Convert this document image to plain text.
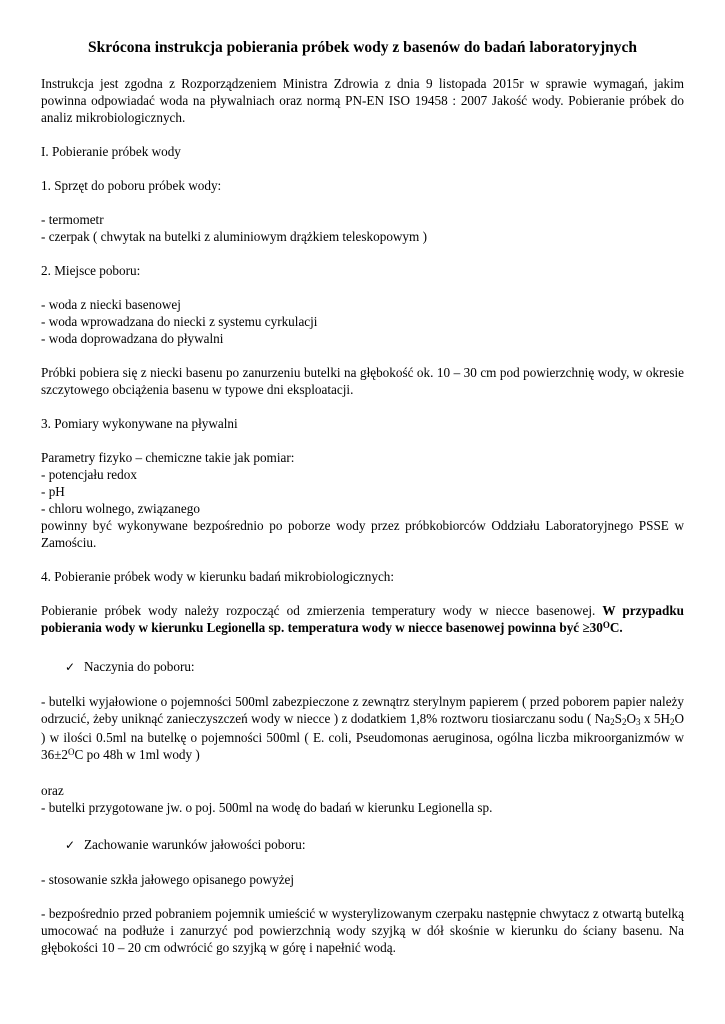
Skrócona instrukcja pobierania próbek wody z basenów do badań laboratoryjnych

Instrukcja jest zgodna z Rozporządzeniem Ministra Zdrowia z dnia 9 listopada 2015r w sprawie wymagań, jakim powinna odpowiadać woda na pływalniach oraz normą PN-EN ISO 19458 : 2007 Jakość wody. Pobieranie próbek do analiz mikrobiologicznych.

I. Pobieranie próbek wody

1. Sprzęt do poboru próbek wody:

- termometr

- czerpak ( chwytak na butelki z aluminiowym drążkiem teleskopowym )

2. Miejsce poboru:

- woda z niecki basenowej

- woda wprowadzana do niecki z systemu cyrkulacji

- woda doprowadzana do pływalni

Próbki pobiera się z niecki basenu po zanurzeniu butelki na głębokość ok. 10 – 30 cm pod powierzchnię wody, w okresie szczytowego obciążenia basenu w typowe dni eksploatacji.

3. Pomiary wykonywane na pływalni

Parametry fizyko – chemiczne takie jak pomiar:

- potencjału redox

- pH

- chloru wolnego, związanego

powinny być wykonywane bezpośrednio po poborze wody przez próbkobiorców Oddziału Laboratoryjnego PSSE w Zamościu.

4. Pobieranie próbek wody w kierunku badań mikrobiologicznych:

Pobieranie próbek wody należy rozpocząć od zmierzenia temperatury wody w niecce basenowej. W przypadku pobierania wody w kierunku Legionella sp. temperatura wody w niecce basenowej powinna być $\ge 30^OC$.

✓ Naczynia do poboru:

- butelki wyjałowione o pojemności 500ml zabezpieczone z zewnątrz sterylnym papierem ( przed poborem papier należy odrzucić, żeby uniknąć zanieczyszczeń wody w niecce ) z dodatkiem 1,8% roztworu tiosiarczanu sodu ( Na2S2O3 x 5H2O ) w ilości 0.5ml na butelkę o pojemności 500ml ( E. coli, Pseudomonas aeruginosa, ogólna liczba mikroorganizmów w $36\pm 2^OC$ po 48h w 1ml wody )

oraz

- butelki przygotowane jw. o poj. 500ml na wodę do badań w kierunku Legionella sp.

✓ Zachowanie warunków jałowości poboru:

- stosowanie szkła jałowego opisanego powyżej

- bezpośrednio przed pobraniem pojemnik umieścić w wysterylizowanym czerpaku następnie chwytacz z otwartą butelką umocować na podłuże i zanurzyć pod powierzchnią wody szyjką w dół skośnie w kierunku do ściany basenu. Na głębokości 10 – 20 cm odwrócić go szyjką w górę i napełnić wodą.
